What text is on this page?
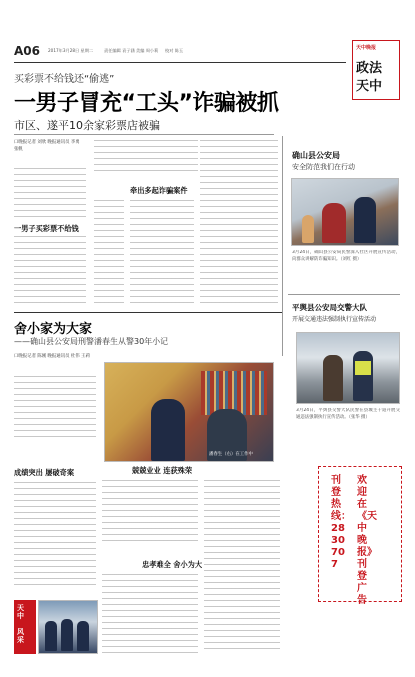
A06 2017年3月28日 星期二	责任编辑 袁子涵 美编 周小莉 校对 陈玉	天中晚报
政法
天中
买彩票不给钱还“偷逃”
一男子冒充“工头”诈骗被抓
市区、遂平10余家彩票店被骗
口晚报记者 刘欣 晚报通讯员 李勇 张帆
一男子买彩票不给钱
牵出多起诈骗案件
确山县公安局
安全防范我们在行动
3月24日，确山县公安局民警深入社区开展宣传活动，向群众讲解防诈骗知识。（刘红 摄）
平舆县公安局交警大队
开展交通违法强制执行宣传活动
3月24日，平舆县交警大队民警在县城主干道开展交通违法强制执行宣传活动。（张华 摄）
欢迎在《天中晚报》刊登广告
刊登热线：2830707
舍小家为大家
——确山县公安局刑警潘春生从警30年小记
口晚报记者 陈刚 晚报通讯员 杜伟 王莉
潘春生（右）在工作中
成绩突出 屡破奇案	兢兢业业 连获殊荣
忠孝难全 舍小为大
天中
风采
